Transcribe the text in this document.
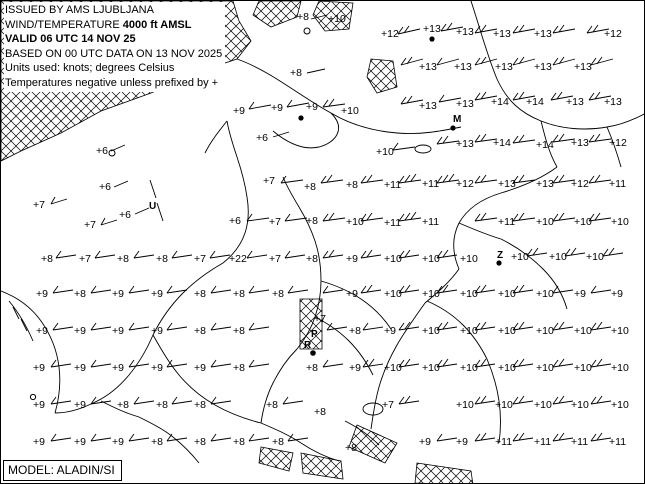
ISSUED BY AMS LJUBLJANA
WIND/TEMPERATURE 4000 ft AMSL
VALID 06 UTC 14 NOV 25
BASED ON 00 UTC DATA ON 13 NOV 2025
Units used: knots; degrees Celsius
Temperatures negative unless prefixed by +
+8 +10
+12 +13 +13 +13 +13	+12
+13 +13 +13 +13 +13
+8
+9 +9 +9 +10	+13 +13 +14 +14 +13 +13
+6
+6	+10
+13 +14 +14 +13 +12
+6	+7	+8	+8 +11 +11 +12 +13 +13 +12 +11
+7
+6
+7	+6	+7 +8	+10 +11 +11	+11 +10 +10 +10
+22
+8 +7 +8	+8 +7	+7 +8	+9 +10 +10 +10	+10 +10 +10
+9 +8 +9	+9	+8	+8	+8	+9 +10 +10 +10 +10 +10 +9 +9
+9 +9 +9	+9	+8	+8
+7
+8 +9 +10 +10 +10 +10 +10 +10
+9	+9 +9	+9	+9	+8	+8	+9 +10 +10 +10 +10 +10 +10 +10
+9	+9	+8	+8 +8	+8
+8
+7	+10 +10 +10 +10 +10
+9	+9 +9	+8	+8	+8	+8	+8	+9 +9	+11 +11 +11 +11
M
U
P
R
Z
MODEL: ALADIN/SI
